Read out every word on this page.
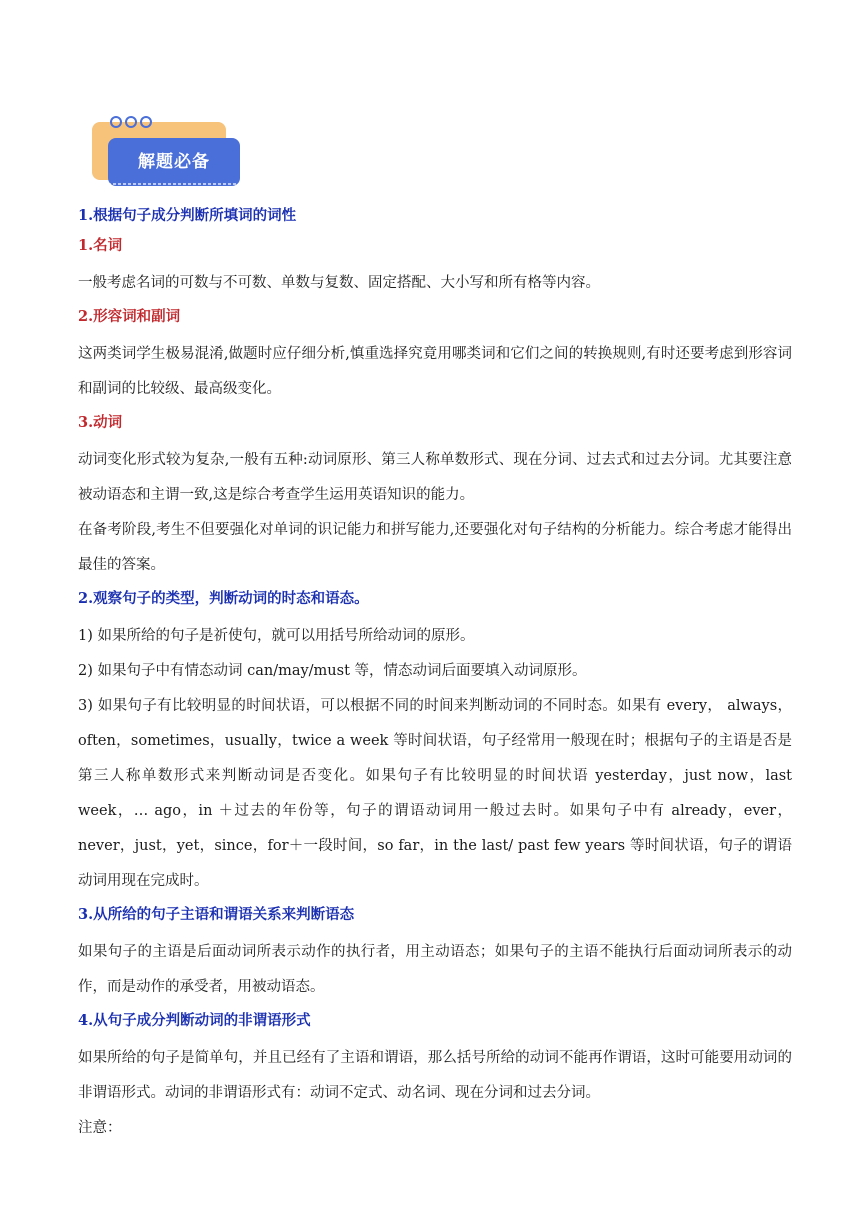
解题必备
1.根据句子成分判断所填词的词性
1.名词

一般考虑名词的可数与不可数、单数与复数、固定搭配、大小写和所有格等内容。

2.形容词和副词

这两类词学生极易混淆,做题时应仔细分析,慎重选择究竟用哪类词和它们之间的转换规则,有时还要考虑到形容词和副词的比较级、最高级变化。

3.动词

动词变化形式较为复杂,一般有五种:动词原形、第三人称单数形式、现在分词、过去式和过去分词。尤其要注意被动语态和主谓一致,这是综合考查学生运用英语知识的能力。

在备考阶段,考生不但要强化对单词的识记能力和拼写能力,还要强化对句子结构的分析能力。综合考虑才能得出最佳的答案。

2.观察句子的类型，判断动词的时态和语态。

1) 如果所给的句子是祈使句，就可以用括号所给动词的原形。

2) 如果句子中有情态动词 can/may/must 等，情态动词后面要填入动词原形。

3) 如果句子有比较明显的时间状语，可以根据不同的时间来判断动词的不同时态。如果有 every， always，often，sometimes，usually，twice a week 等时间状语，句子经常用一般现在时；根据句子的主语是否是第三人称单数形式来判断动词是否变化。如果句子有比较明显的时间状语 yesterday，just now，last week，… ago，in ＋过去的年份等，句子的谓语动词用一般过去时。如果句子中有 already，ever，never，just，yet，since，for＋一段时间，so far，in the last/ past few years 等时间状语，句子的谓语动词用现在完成时。

3.从所给的句子主语和谓语关系来判断语态

如果句子的主语是后面动词所表示动作的执行者，用主动语态；如果句子的主语不能执行后面动词所表示的动作，而是动作的承受者，用被动语态。

4.从句子成分判断动词的非谓语形式

如果所给的句子是简单句，并且已经有了主语和谓语，那么括号所给的动词不能再作谓语，这时可能要用动词的非谓语形式。动词的非谓语形式有：动词不定式、动名词、现在分词和过去分词。

注意：
